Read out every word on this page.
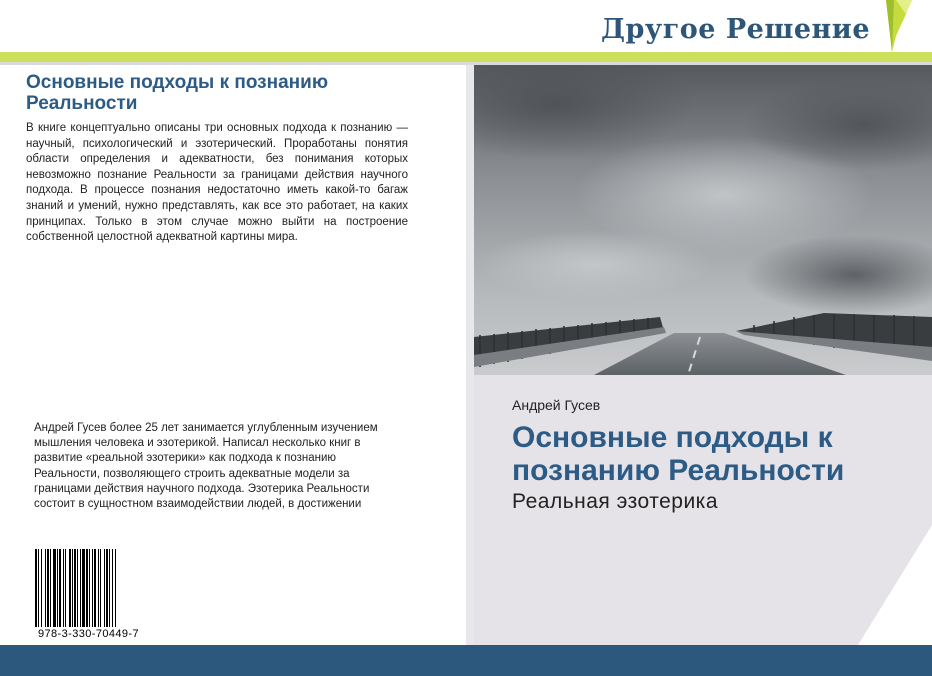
Другое Решение
Основные подходы к познанию Реальности

В книге концептуально описаны три основных подхода к познанию — научный, психологический и эзотерический. Проработаны понятия области определения и адекватности, без понимания которых невозможно познание Реальности за границами действия научного подхода. В процессе познания недостаточно иметь какой-то багаж знаний и умений, нужно представлять, как все это работает, на каких принципах. Только в этом случае можно выйти на построение собственной целостной адекватной картины мира.

Андрей Гусев более 25 лет занимается углубленным изучением мышления человека и эзотерикой. Написал несколько книг в развитие «реальной эзотерики» как подхода к познанию Реальности, позволяющего строить адекватные модели за границами действия научного подхода. Эзотерика Реальности состоит в сущностном взаимодействии людей, в достижении

978-3-330-70449-7
Андрей Гусев
Основные подходы к познанию Реальности
Реальная эзотерика
